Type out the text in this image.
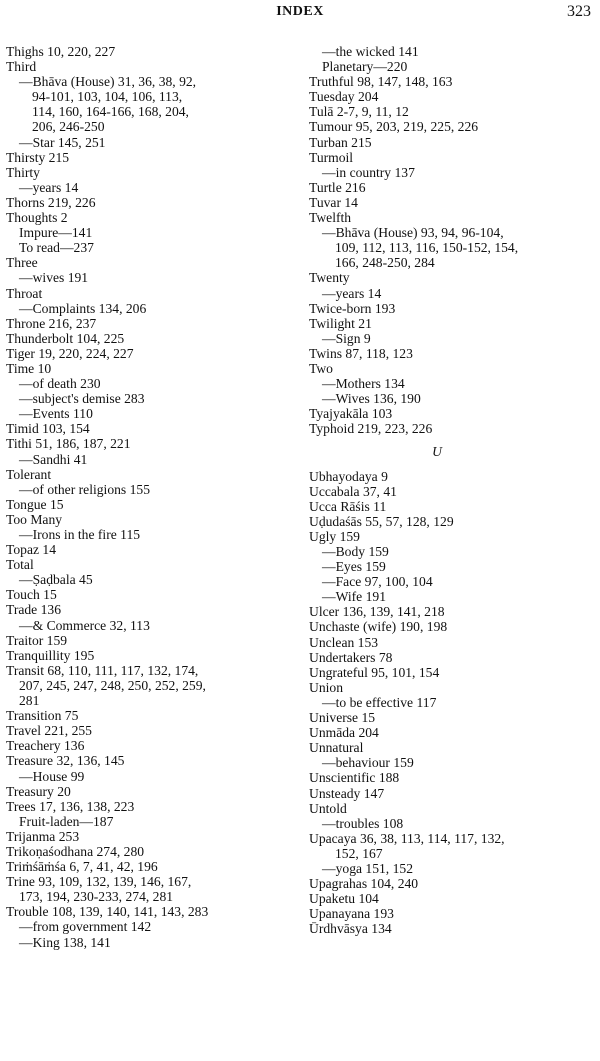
INDEX	323
Thighs 10, 220, 227
Third
—Bhāva (House) 31, 36, 38, 92,
94-101, 103, 104, 106, 113,
114, 160, 164-166, 168, 204,
206, 246-250
—Star 145, 251
Thirsty 215
Thirty
—years 14
Thorns 219, 226
Thoughts 2
Impure—141
To read—237
Three
—wives 191
Throat
—Complaints 134, 206
Throne 216, 237
Thunderbolt 104, 225
Tiger 19, 220, 224, 227
Time 10
—of death 230
—subject's demise 283
—Events 110
Timid 103, 154
Tithi 51, 186, 187, 221
—Sandhi 41
Tolerant
—of other religions 155
Tongue 15
Too Many
—Irons in the fire 115
Topaz 14
Total
—Ṣaḍbala 45
Touch 15
Trade 136
—& Commerce 32, 113
Traitor 159
Tranquillity 195
Transit 68, 110, 111, 117, 132, 174,
207, 245, 247, 248, 250, 252, 259,
281
Transition 75
Travel 221, 255
Treachery 136
Treasure 32, 136, 145
—House 99
Treasury 20
Trees 17, 136, 138, 223
Fruit-laden—187
Trijanma 253
Trikoṇaśodhana 274, 280
Triṁśāṁśa 6, 7, 41, 42, 196
Trine 93, 109, 132, 139, 146, 167,
173, 194, 230-233, 274, 281
Trouble 108, 139, 140, 141, 143, 283
—from government 142
—King 138, 141
—the wicked 141
Planetary—220
Truthful 98, 147, 148, 163
Tuesday 204
Tulā 2-7, 9, 11, 12
Tumour 95, 203, 219, 225, 226
Turban 215
Turmoil
—in country 137
Turtle 216
Tuvar 14
Twelfth
—Bhāva (House) 93, 94, 96-104,
109, 112, 113, 116, 150-152, 154,
166, 248-250, 284
Twenty
—years 14
Twice-born 193
Twilight 21
—Sign 9
Twins 87, 118, 123
Two
—Mothers 134
—Wives 136, 190
Tyajyakāla 103
Typhoid 219, 223, 226
U
Ubhayodaya 9
Uccabala 37, 41
Ucca Rāśis 11
Uḍudaśās 55, 57, 128, 129
Ugly 159
—Body 159
—Eyes 159
—Face 97, 100, 104
—Wife 191
Ulcer 136, 139, 141, 218
Unchaste (wife) 190, 198
Unclean 153
Undertakers 78
Ungrateful 95, 101, 154
Union
—to be effective 117
Universe 15
Unmāda 204
Unnatural
—behaviour 159
Unscientific 188
Unsteady 147
Untold
—troubles 108
Upacaya 36, 38, 113, 114, 117, 132,
152, 167
—yoga 151, 152
Upagrahas 104, 240
Upaketu 104
Upanayana 193
Ūrdhvāsya 134
